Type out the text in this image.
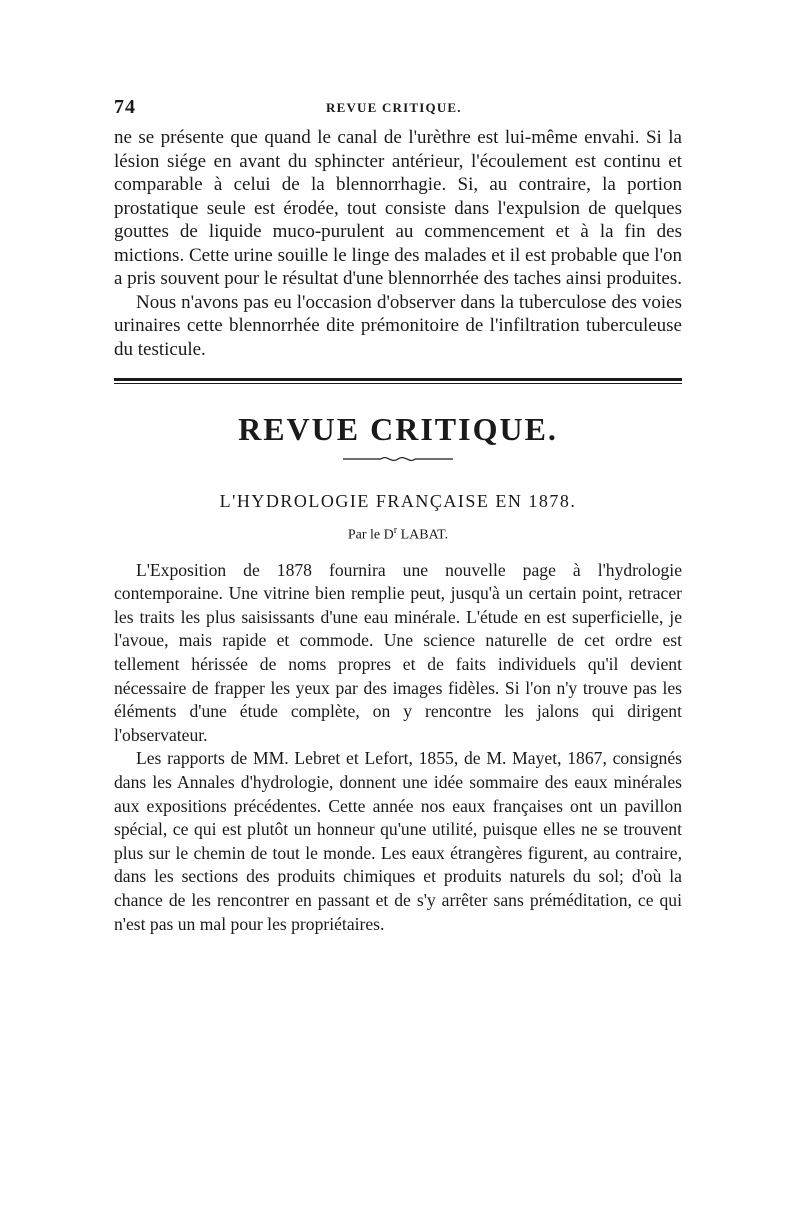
74	REVUE CRITIQUE.

ne se présente que quand le canal de l'urèthre est lui-même envahi. Si la lésion siége en avant du sphincter antérieur, l'écoulement est continu et comparable à celui de la blennorrhagie. Si, au contraire, la portion prostatique seule est érodée, tout consiste dans l'expulsion de quelques gouttes de liquide muco-purulent au commencement et à la fin des mictions. Cette urine souille le linge des malades et il est probable que l'on a pris souvent pour le résultat d'une blennorrhée des taches ainsi produites.

Nous n'avons pas eu l'occasion d'observer dans la tuberculose des voies urinaires cette blennorrhée dite prémonitoire de l'infiltration tuberculeuse du testicule.

REVUE CRITIQUE.
L'HYDROLOGIE FRANÇAISE EN 1878.
Par le $D^r$ LABAT.

L'Exposition de 1878 fournira une nouvelle page à l'hydrologie contemporaine. Une vitrine bien remplie peut, jusqu'à un certain point, retracer les traits les plus saisissants d'une eau minérale. L'étude en est superficielle, je l'avoue, mais rapide et commode. Une science naturelle de cet ordre est tellement hérissée de noms propres et de faits individuels qu'il devient nécessaire de frapper les yeux par des images fidèles. Si l'on n'y trouve pas les éléments d'une étude complète, on y rencontre les jalons qui dirigent l'observateur.

Les rapports de MM. Lebret et Lefort, 1855, de M. Mayet, 1867, consignés dans les Annales d'hydrologie, donnent une idée sommaire des eaux minérales aux expositions précédentes. Cette année nos eaux françaises ont un pavillon spécial, ce qui est plutôt un honneur qu'une utilité, puisque elles ne se trouvent plus sur le chemin de tout le monde. Les eaux étrangères figurent, au contraire, dans les sections des produits chimiques et produits naturels du sol; d'où la chance de les rencontrer en passant et de s'y arrêter sans préméditation, ce qui n'est pas un mal pour les propriétaires.
